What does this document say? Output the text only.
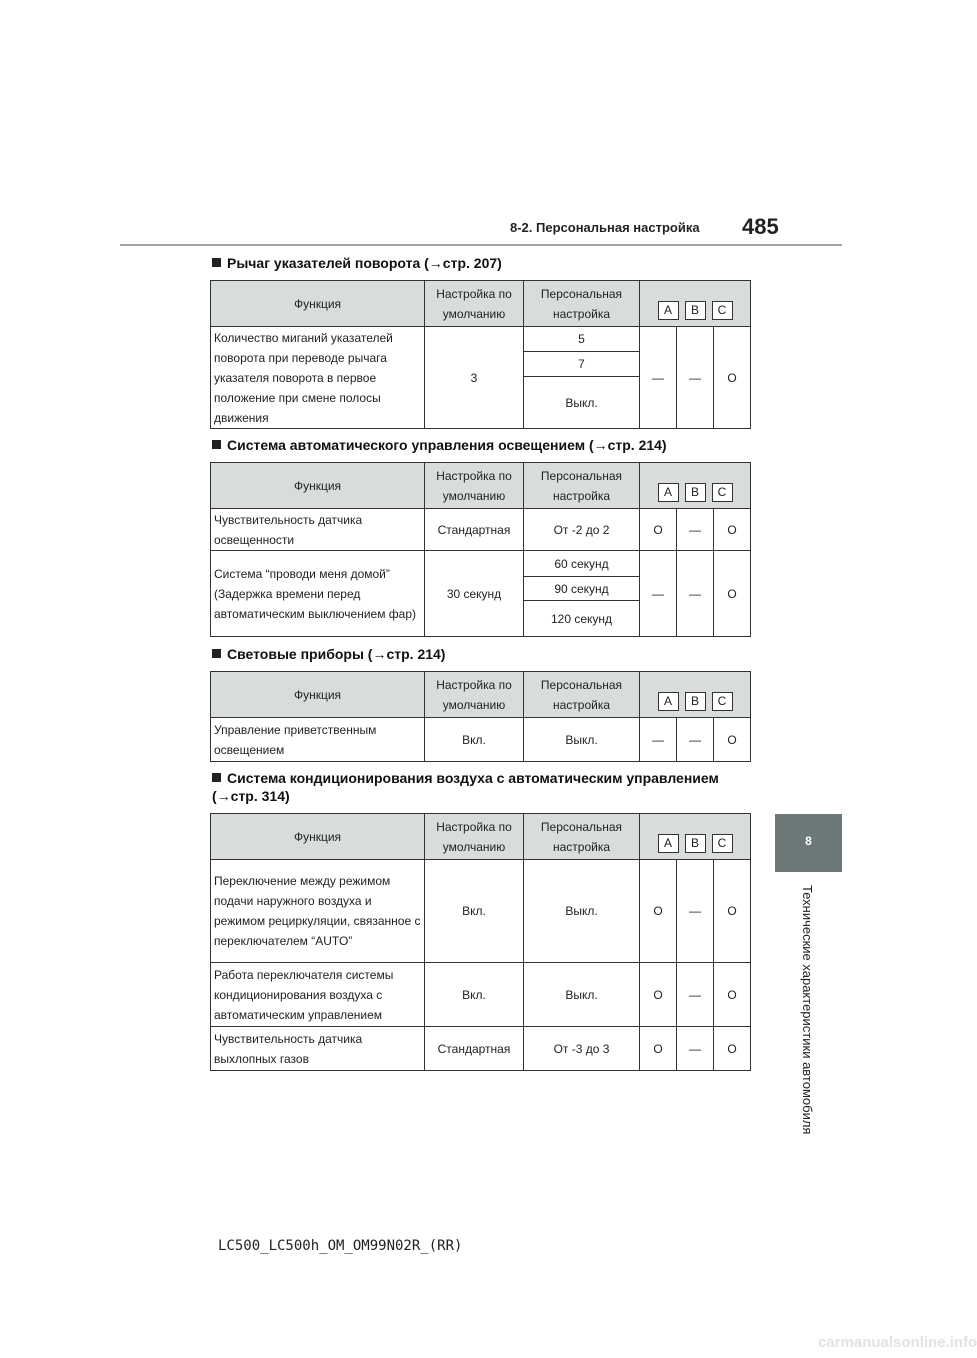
8-2. Персональная настройка 485
8
Технические характеристики автомобиля
Рычаг указателей поворота (→стр. 207)
Функция	Настройка по умолчанию	Персональная настройка	A B C		

Количество миганий указателей поворота при переводе рычага указателя поворота в первое положение при смене полосы движения	3	5	—	—	O
		7			
		Выкл.			
Система автоматического управления освещением (→стр. 214)
Функция	Настройка по умолчанию	Персональная настройка	A B C		

Чувствительность датчика освещенности	Стандартная	От -2 до 2	O	—	O
Система “проводи меня домой” (Задержка времени перед автоматическим выключением фар)	30 секунд	60 секунд	—	—	O
		90 секунд			
		120 секунд			
Световые приборы (→стр. 214)
Функция	Настройка по умолчанию	Персональная настройка	A B C		

Управление приветственным освещением	Вкл.	Выкл.	—	—	O
Система кондиционирования воздуха с автоматическим управлением
(→стр. 314)
Функция	Настройка по умолчанию	Персональная настройка	A B C		

Переключение между режимом подачи наружного воздуха и режимом рециркуляции, связанное с переключателем “AUTO”	Вкл.	Выкл.	O	—	O
Работа переключателя системы кондиционирования воздуха с автоматическим управлением	Вкл.	Выкл.	O	—	O
Чувствительность датчика выхлопных газов	Стандартная	От -3 до 3	O	—	O
LC500_LC500h_OM_OM99N02R_(RR)
carmanualsonline.info
